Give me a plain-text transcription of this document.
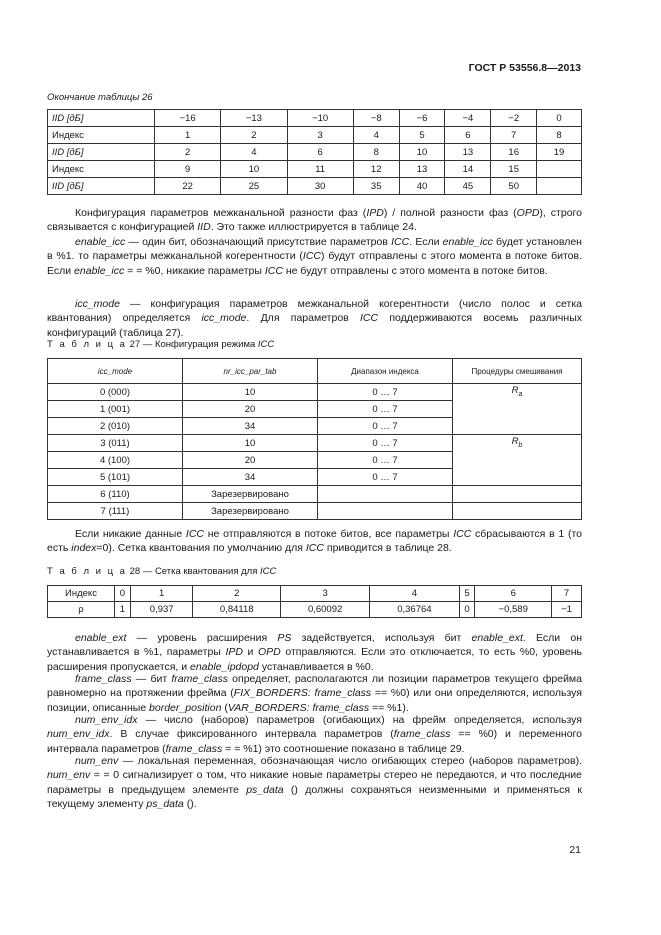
ГОСТ Р 53556.8—2013
Окончание таблицы 26
IID [дБ]	−16	−13	−10	−8	−6	−4	−2	0
Индекс	1	2	3	4	5	6	7	8
IID [дБ]	2	4	6	8	10	13	16	19
Индекс	9	10	11	12	13	14	15	
IID [дБ]	22	25	30	35	40	45	50	

Конфигурация параметров межканальной разности фаз (IPD) / полной разности фаз (OPD), строго связывается с конфигурацией IID. Это также иллюстрируется в таблице 24.

enable_icc — один бит, обозначающий присутствие параметров ICC. Если enable_icc будет установлен в %1. то параметры межканальной когерентности (ICC) будут отправлены с этого момента в потоке битов. Если enable_icc = = %0, никакие параметры ICC не будут отправлены с этого момента в потоке битов.

icc_mode — конфигурация параметров межканальной когерентности (число полос и сетка квантования) определяется icc_mode. Для параметров ICC поддерживаются восемь различных конфигураций (таблица 27).

Т а б л и ц а 27 — Конфигурация режима ICC
icc_mode	nr_icc_par_tab	Диапазон индекса	Процедуры смешивания
0 (000)	10	0 … 7	$R_a$
1 (001)	20	0 … 7	
2 (010)	34	0 … 7	
3 (011)	10	0 … 7	$R_b$
4 (100)	20	0 … 7	
5 (101)	34	0 … 7	
6 (110)	Зарезервировано		
7 (111)	Зарезервировано		

Если никакие данные ICC не отправляются в потоке битов, все параметры ICC сбрасываются в 1 (то есть index=0). Сетка квантования по умолчанию для ICC приводится в таблице 28.

Т а б л и ц а 28 — Сетка квантования для ICC
Индекс	0	1	2	3	4	5	6	7
ρ	1	0,937	0,84118	0,60092	0,36764	0	−0,589	−1

enable_ext — уровень расширения PS задействуется, используя бит enable_ext. Если он устанавливается в %1, параметры IPD и OPD отправляются. Если это отключается, то есть %0, уровень расширения пропускается, и enable_ipdopd устанавливается в %0.

frame_class — бит frame_class определяет, располагаются ли позиции параметров текущего фрейма равномерно на протяжении фрейма (FIX_BORDERS: frame_class == %0) или они определяются, используя позиции, описанные border_position (VAR_BORDERS: frame_class == %1).

num_env_idx — число (наборов) параметров (огибающих) на фрейм определяется, используя num_env_idx. В случае фиксированного интервала параметров (frame_class == %0) и переменного интервала параметров (frame_class = = %1) это соотношение показано в таблице 29.

num_env — локальная переменная, обозначающая число огибающих стерео (наборов параметров). num_env = = 0 сигнализирует о том, что никакие новые параметры стерео не передаются, и что последние параметры в предыдущем элементе ps_data () должны сохраняться неизменными и применяться к текущему элементу ps_data ().

21
